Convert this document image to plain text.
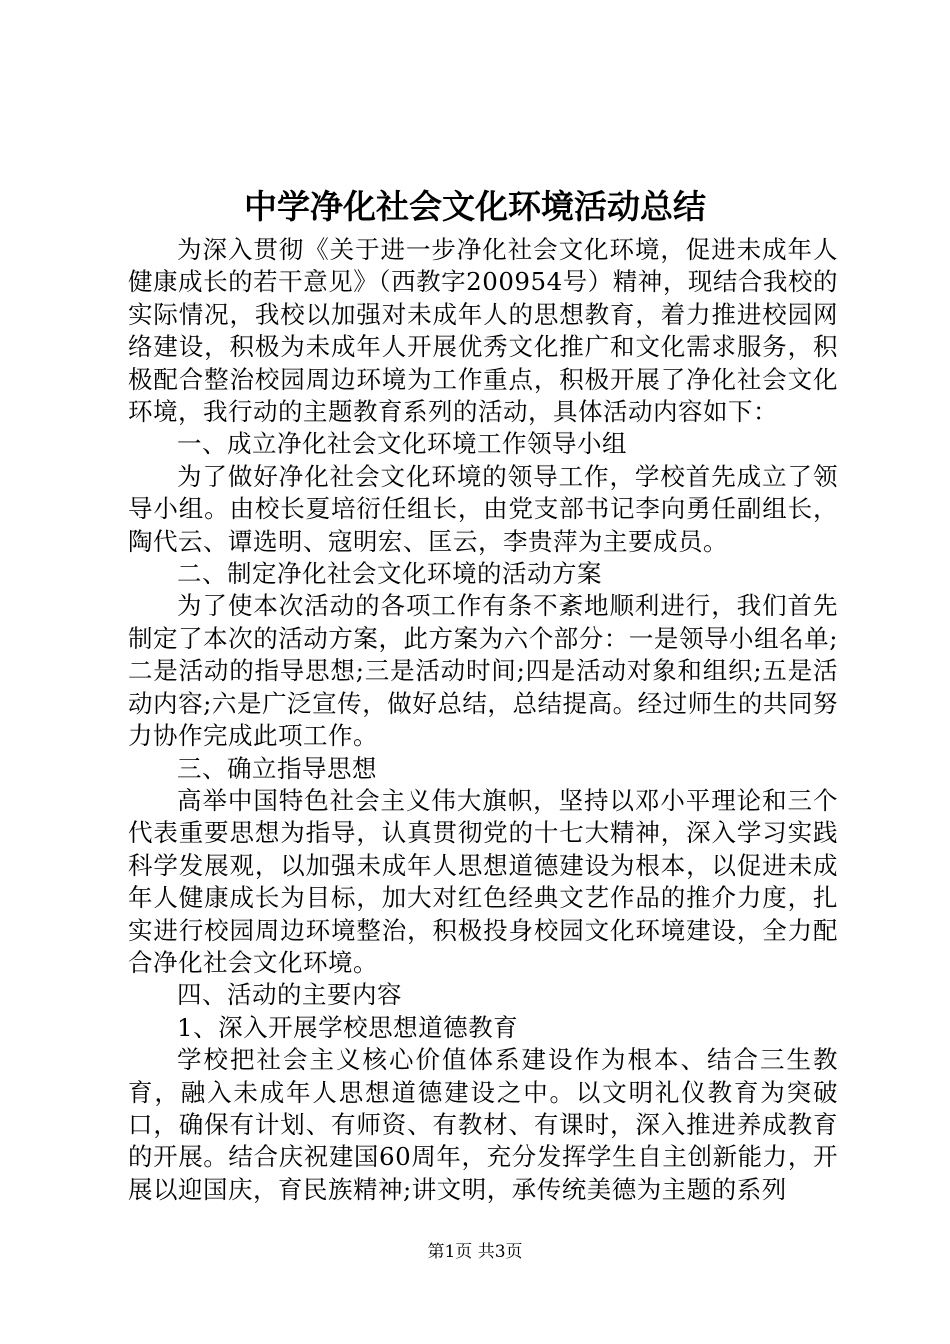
中学净化社会文化环境活动总结

为深入贯彻《关于进一步净化社会文化环境，促进未成年人健康成长的若干意见》（西教字200954号）精神，现结合我校的实际情况，我校以加强对未成年人的思想教育，着力推进校园网络建设，积极为未成年人开展优秀文化推广和文化需求服务，积极配合整治校园周边环境为工作重点，积极开展了净化社会文化环境，我行动的主题教育系列的活动，具体活动内容如下：

一、成立净化社会文化环境工作领导小组

为了做好净化社会文化环境的领导工作，学校首先成立了领导小组。由校长夏培衍任组长，由党支部书记李向勇任副组长，陶代云、谭选明、寇明宏、匡云，李贵萍为主要成员。

二、制定净化社会文化环境的活动方案

为了使本次活动的各项工作有条不紊地顺利进行，我们首先制定了本次的活动方案，此方案为六个部分：一是领导小组名单;二是活动的指导思想;三是活动时间;四是活动对象和组织;五是活动内容;六是广泛宣传，做好总结，总结提高。经过师生的共同努力协作完成此项工作。

三、确立指导思想

高举中国特色社会主义伟大旗帜，坚持以邓小平理论和三个代表重要思想为指导，认真贯彻党的十七大精神，深入学习实践科学发展观，以加强未成年人思想道德建设为根本，以促进未成年人健康成长为目标，加大对红色经典文艺作品的推介力度，扎实进行校园周边环境整治，积极投身校园文化环境建设，全力配合净化社会文化环境。

四、活动的主要内容

1、深入开展学校思想道德教育

学校把社会主义核心价值体系建设作为根本、结合三生教育，融入未成年人思想道德建设之中。以文明礼仪教育为突破口，确保有计划、有师资、有教材、有课时，深入推进养成教育的开展。结合庆祝建国60周年，充分发挥学生自主创新能力，开展以迎国庆，育民族精神;讲文明，承传统美德为主题的系列

第1页 共3页
